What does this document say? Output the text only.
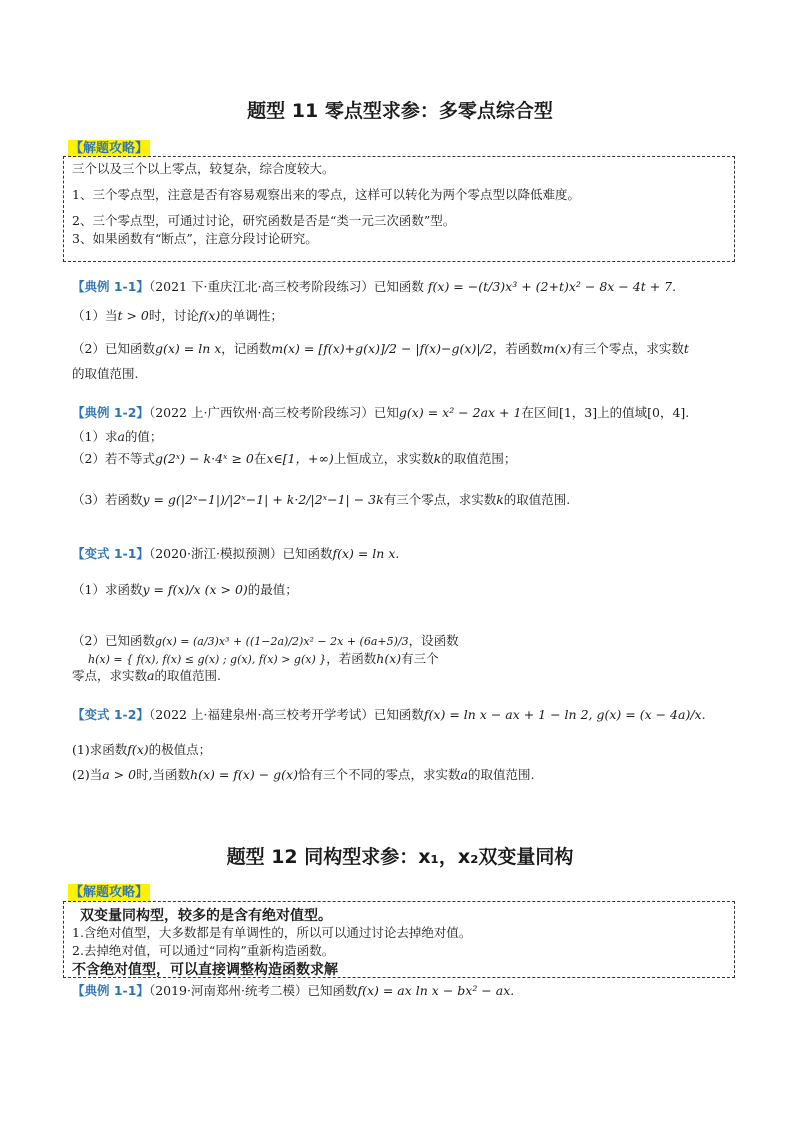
题型 11 零点型求参：多零点综合型
【解题攻略】
三个以及三个以上零点，较复杂，综合度较大。
1、三个零点型，注意是否有容易观察出来的零点，这样可以转化为两个零点型以降低难度。
2、三个零点型，可通过讨论，研究函数是否是“类一元三次函数”型。
3、如果函数有“断点”，注意分段讨论研究。
【典例 1-1】（2021 下·重庆江北·高三校考阶段练习）已知函数 f(x) = −(t/3)x³ + (2+t)x² − 8x − 4t + 7.
（1）当t > 0时，讨论f(x)的单调性；
（2）已知函数g(x) = ln x，记函数m(x) = [f(x)+g(x)]/2 − |f(x)−g(x)|/2，若函数m(x)有三个零点，求实数t
的取值范围.
【典例 1-2】（2022 上·广西钦州·高三校考阶段练习）已知g(x) = x² − 2ax + 1在区间[1，3]上的值域[0，4].
（1）求a的值；
（2）若不等式g(2ˣ) − k·4ˣ ≥ 0在x∈[1，+∞)上恒成立，求实数k的取值范围；
（3）若函数y = g(|2ˣ−1|)/|2ˣ−1| + k·2/|2ˣ−1| − 3k有三个零点，求实数k的取值范围.
【变式 1-1】（2020·浙江·模拟预测）已知函数f(x) = ln x.
（1）求函数y = f(x)/x (x > 0)的最值；
（2）已知函数g(x) = (a/3)x³ + ((1−2a)/2)x² − 2x + (6a+5)/3，设函数
h(x) = { f(x), f(x) ≤ g(x) ; g(x), f(x) > g(x) }，若函数h(x)有三个
零点，求实数a的取值范围.
【变式 1-2】（2022 上·福建泉州·高三校考开学考试）已知函数f(x) = ln x − ax + 1 − ln 2, g(x) = (x − 4a)/x.
(1)求函数f(x)的极值点；
(2)当a > 0时,当函数h(x) = f(x) − g(x)恰有三个不同的零点，求实数a的取值范围.
题型 12 同构型求参：x₁，x₂双变量同构
【解题攻略】
双变量同构型，较多的是含有绝对值型。
1.含绝对值型，大多数都是有单调性的，所以可以通过讨论去掉绝对值。
2.去掉绝对值，可以通过“同构”重新构造函数。
不含绝对值型，可以直接调整构造函数求解
【典例 1-1】（2019·河南郑州·统考二模）已知函数f(x) = ax ln x − bx² − ax.
